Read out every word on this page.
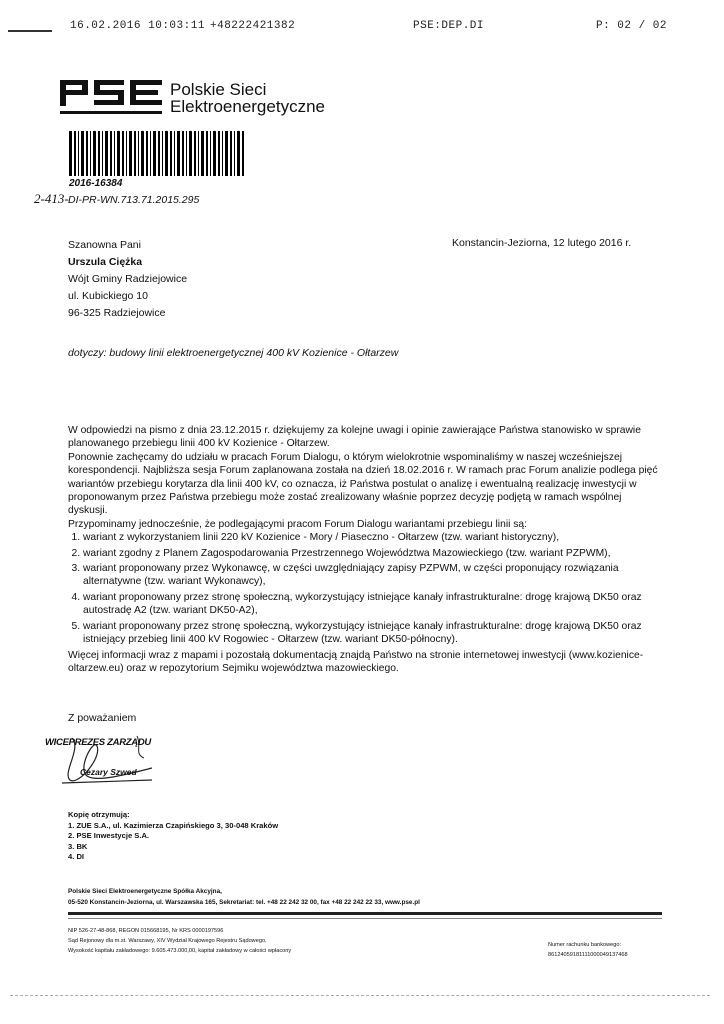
16.02.2016 10:03:11 +48222421382	PSE:DEP.DI	P: 02 / 02
Polskie Sieci
Elektroenergetyczne
2016-16384
2-413- DI-PR-WN.713.71.2015.295
Szanowna Pani
Urszula Ciężka
Wójt Gminy Radziejowice
ul. Kubickiego 10
96-325 Radziejowice
Konstancin-Jeziorna, 12 lutego 2016 r.
dotyczy: budowy linii elektroenergetycznej 400 kV Kozienice - Ołtarzew

W odpowiedzi na pismo z dnia 23.12.2015 r. dziękujemy za kolejne uwagi i opinie zawierające Państwa stanowisko w sprawie planowanego przebiegu linii 400 kV Kozienice - Ołtarzew.

Ponownie zachęcamy do udziału w pracach Forum Dialogu, o którym wielokrotnie wspominaliśmy w naszej wcześniejszej korespondencji. Najbliższa sesja Forum zaplanowana została na dzień 18.02.2016 r. W ramach prac Forum analizie podlega pięć wariantów przebiegu korytarza dla linii 400 kV, co oznacza, iż Państwa postulat o analizę i ewentualną realizację inwestycji w proponowanym przez Państwa przebiegu może zostać zrealizowany właśnie poprzez decyzję podjętą w ramach wspólnej dyskusji.

Przypominamy jednocześnie, że podlegającymi pracom Forum Dialogu wariantami przebiegu linii są:

1. wariant z wykorzystaniem linii 220 kV Kozienice - Mory / Piaseczno - Ołtarzew (tzw. wariant historyczny),
2. wariant zgodny z Planem Zagospodarowania Przestrzennego Województwa Mazowieckiego (tzw. wariant PZPWM),
3. wariant proponowany przez Wykonawcę, w części uwzględniający zapisy PZPWM, w części proponujący rozwiązania alternatywne (tzw. wariant Wykonawcy),
4. wariant proponowany przez stronę społeczną, wykorzystujący istniejące kanały infrastrukturalne: drogę krajową DK50 oraz autostradę A2 (tzw. wariant DK50-A2),
5. wariant proponowany przez stronę społeczną, wykorzystujący istniejące kanały infrastrukturalne: drogę krajową DK50 oraz istniejący przebieg linii 400 kV Rogowiec - Ołtarzew (tzw. wariant DK50-północny).

Więcej informacji wraz z mapami i pozostałą dokumentacją znajdą Państwo na stronie internetowej inwestycji (www.kozienice-oltarzew.eu) oraz w repozytorium Sejmiku województwa mazowieckiego.

Z poważaniem
WICEPREZES ZARZĄDU
Cezary Szwed
Kopię otrzymują:
1. ZUE S.A., ul. Kazimierza Czapińskiego 3, 30-048 Kraków
2. PSE Inwestycje S.A.
3. BK
4. DI
Polskie Sieci Elektroenergetyczne Spółka Akcyjna,
05-520 Konstancin-Jeziorna, ul. Warszawska 165, Sekretariat: tel. +48 22 242 32 00, fax +48 22 242 22 33, www.pse.pl
NIP 526-27-48-868, REGON 015668195, Nr KRS 0000197596
Sąd Rejonowy dla m.st. Warszawy, XIV Wydział Krajowego Rejestru Sądowego,
Wysokość kapitału zakładowego: 9.605.473.000,00, kapitał zakładowy w całości wpłacony
Numer rachunku bankowego:
86124059181111000049137468
